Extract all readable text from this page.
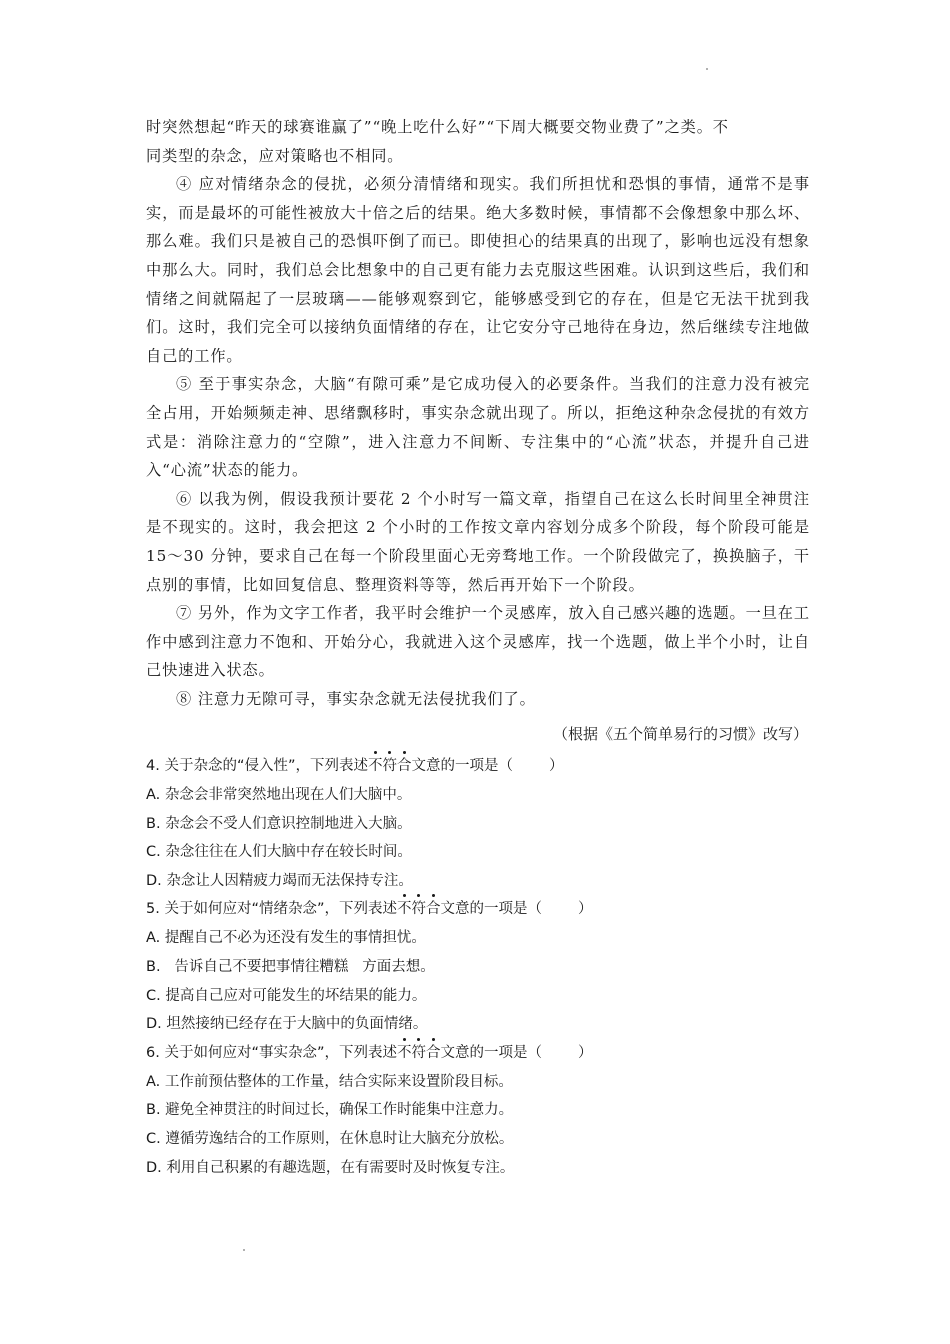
时突然想起“昨天的球赛谁赢了”“晚上吃什么好”“下周大概要交物业费了”之类。不

同类型的杂念，应对策略也不相同。

④ 应对情绪杂念的侵扰，必须分清情绪和现实。我们所担忧和恐惧的事情，通常不是事实，而是最坏的可能性被放大十倍之后的结果。绝大多数时候，事情都不会像想象中那么坏、那么难。我们只是被自己的恐惧吓倒了而已。即使担心的结果真的出现了，影响也远没有想象中那么大。同时，我们总会比想象中的自己更有能力去克服这些困难。认识到这些后，我们和情绪之间就隔起了一层玻璃——能够观察到它，能够感受到它的存在，但是它无法干扰到我们。这时，我们完全可以接纳负面情绪的存在，让它安分守己地待在身边，然后继续专注地做自己的工作。

⑤ 至于事实杂念，大脑“有隙可乘”是它成功侵入的必要条件。当我们的注意力没有被完全占用，开始频频走神、思绪飘移时，事实杂念就出现了。所以，拒绝这种杂念侵扰的有效方式是：消除注意力的“空隙”，进入注意力不间断、专注集中的“心流”状态，并提升自己进入“心流”状态的能力。

⑥ 以我为例，假设我预计要花 2 个小时写一篇文章，指望自己在这么长时间里全神贯注是不现实的。这时，我会把这 2 个小时的工作按文章内容划分成多个阶段，每个阶段可能是 15～30 分钟，要求自己在每一个阶段里面心无旁骛地工作。一个阶段做完了，换换脑子，干点别的事情，比如回复信息、整理资料等等，然后再开始下一个阶段。

⑦ 另外，作为文字工作者，我平时会维护一个灵感库，放入自己感兴趣的选题。一旦在工作中感到注意力不饱和、开始分心，我就进入这个灵感库，找一个选题，做上半个小时，让自己快速进入状态。

⑧ 注意力无隙可寻，事实杂念就无法侵扰我们了。

（根据《五个简单易行的习惯》改写）
4. 关于杂念的“侵入性”，下列表述不符合文意的一项是（ ）
A. 杂念会非常突然地出现在人们大脑中。
B. 杂念会不受人们意识控制地进入大脑。
C. 杂念往往在人们大脑中存在较长时间。
D. 杂念让人因精疲力竭而无法保持专注。
5. 关于如何应对“情绪杂念”，下列表述不符合文意的一项是（ ）
A. 提醒自己不必为还没有发生的事情担忧。
B.   告诉自己不要把事情往糟糕   方面去想。
C. 提高自己应对可能发生的坏结果的能力。
D. 坦然接纳已经存在于大脑中的负面情绪。
6. 关于如何应对“事实杂念”，下列表述不符合文意的一项是（ ）
A. 工作前预估整体的工作量，结合实际来设置阶段目标。
B. 避免全神贯注的时间过长，确保工作时能集中注意力。
C. 遵循劳逸结合的工作原则，在休息时让大脑充分放松。
D. 利用自己积累的有趣选题，在有需要时及时恢复专注。
